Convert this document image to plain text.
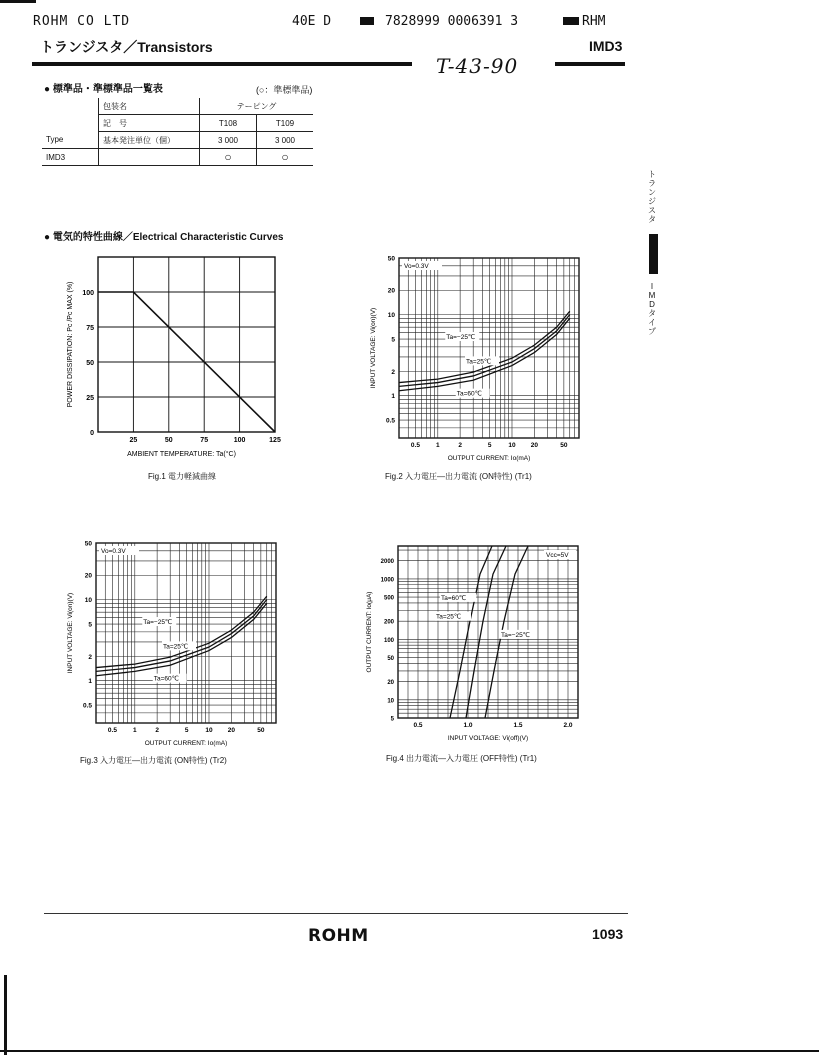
ROHM CO LTD	40E D	7828999 0006391 3	RHM
トランジスタ／Transistors	IMD3
T-43-90
● 標準品・準標準品一覧表	(○：準標準品)
	包装名	テーピング	
	記　号	T108	T109
Type	基本発注単位（個）	3 000	3 000
IMD3		○	○
● 電気的特性曲線／Electrical Characteristic Curves
25	50	75	100	125
0
25
50
75
100
AMBIENT TEMPERATURE: Ta(°C)
POWER DISSIPATION: Pc /Pc MAX (%)
Fig.1 電力軽減曲線
0.5 1	2	5	10 20	50
0.5
1
2
5
10
20
50
Vo=0.3V
Ta=−25℃
Ta=25℃
Ta=60℃
OUTPUT CURRENT: Io(mA)
INPUT VOLTAGE: Vi(on)(V)
Fig.2 入力電圧―出力電流 (ON特性) (Tr1)
0.5 1	2	5	10 20	50
0.5
1
2
5
10
20
50
Vo=0.3V
Ta=−25℃
Ta=25℃
Ta=60℃
OUTPUT CURRENT: Io(mA)
INPUT VOLTAGE: Vi(on)(V)
Fig.3 入力電圧―出力電流 (ON特性) (Tr2)
0.5	1.0	1.5	2.0
5
10
20
50
100
200
500
1000
2000
Vcc=5V
Ta=60℃
Ta=25℃
Ta=−25℃
INPUT VOLTAGE: Vi(off)(V)
OUTPUT CURRENT: Io(μA)
Fig.4 出力電流―入力電圧 (OFF特性) (Tr1)
ト
ラ
ン
ジ
ス
タ
I
M
D
タ
イ
プ
ROHM	1093
